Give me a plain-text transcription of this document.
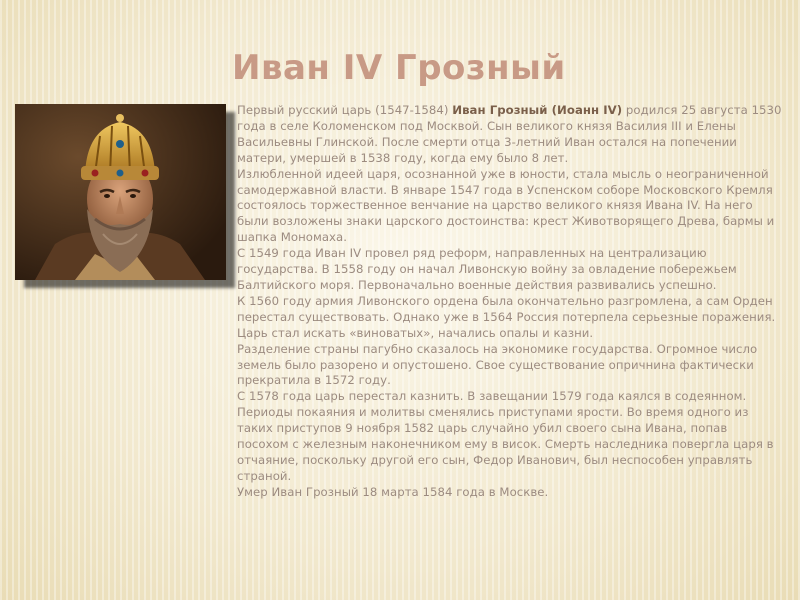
Иван IV Грозный

Первый русский царь (1547-1584) Иван Грозный (Иоанн IV) родился 25 августа 1530 года в селе Коломенском под Москвой. Сын великого князя Василия III и Елены Васильевны Глинской. После смерти отца 3-летний Иван остался на попечении матери, умершей в 1538 году, когда ему было 8 лет.

Излюбленной идеей царя, осознанной уже в юности, стала мысль о неограниченной самодержавной власти. В январе 1547 года в Успенском соборе Московского Кремля состоялось торжественное венчание на царство великого князя Ивана IV. На него были возложены знаки царского достоинства: крест Животворящего Древа, бармы и шапка Мономаха.

С 1549 года Иван IV провел ряд реформ, направленных на централизацию государства. В 1558 году он начал Ливонскую войну за овладение побережьем Балтийского моря. Первоначально военные действия развивались успешно.

К 1560 году армия Ливонского ордена была окончательно разгромлена, а сам Орден перестал существовать. Однако уже в 1564 Россия потерпела серьезные поражения. Царь стал искать «виноватых», начались опалы и казни.

Разделение страны пагубно сказалось на экономике государства. Огромное число земель было разорено и опустошено. Свое существование опричнина фактически прекратила в 1572 году.

С 1578 года царь перестал казнить. В завещании 1579 года каялся в содеянном. Периоды покаяния и молитвы сменялись приступами ярости. Во время одного из таких приступов 9 ноября 1582 царь случайно убил своего сына Ивана, попав посохом с железным наконечником ему в висок. Смерть наследника повергла царя в отчаяние, поскольку другой его сын, Федор Иванович, был неспособен управлять страной.

Умер Иван Грозный 18 марта 1584 года в Москве.
